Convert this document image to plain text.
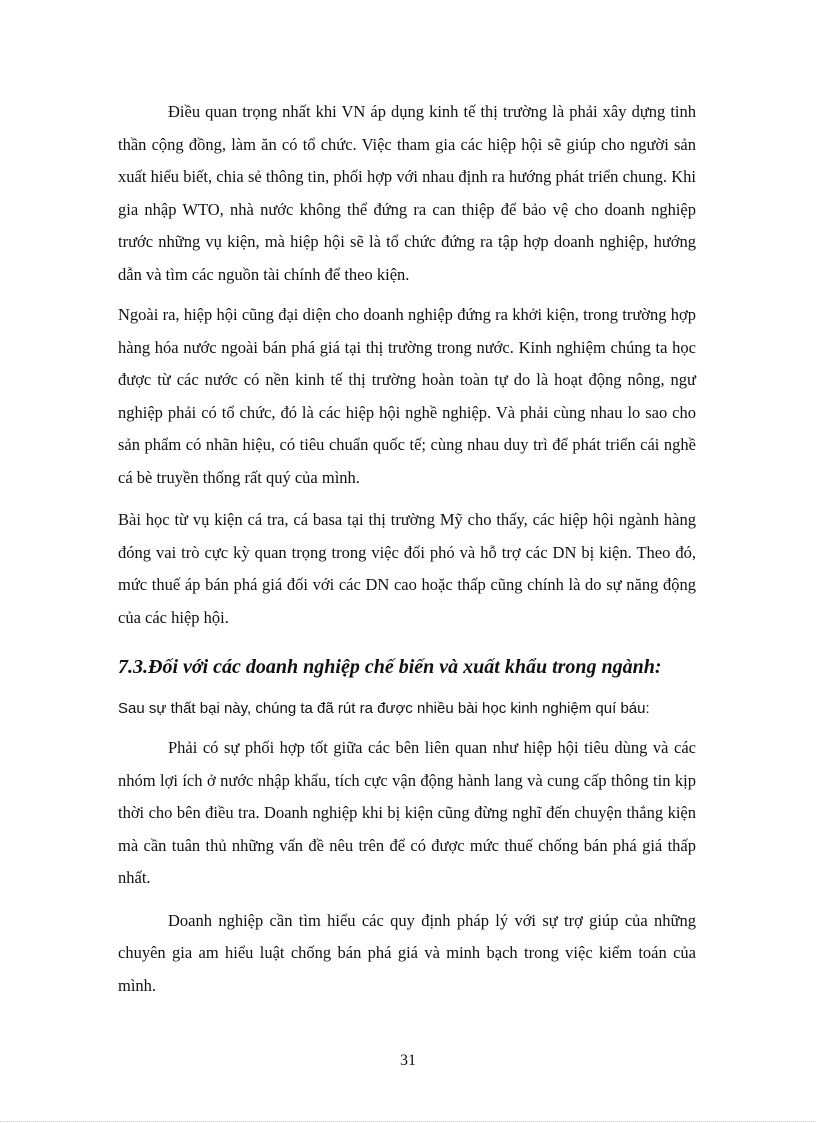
Điều quan trọng nhất khi VN áp dụng kinh tế thị trường là phải xây dựng tinh thần cộng đồng, làm ăn có tổ chức. Việc tham gia các hiệp hội sẽ giúp cho người sản xuất hiểu biết, chia sẻ thông tin, phối hợp với nhau định ra hướng phát triển chung. Khi gia nhập WTO, nhà nước không thể đứng ra can thiệp để bảo vệ cho doanh nghiệp trước những vụ kiện, mà hiệp hội sẽ là tổ chức đứng ra tập hợp doanh nghiệp, hướng dẫn và tìm các nguồn tài chính để theo kiện.

Ngoài ra, hiệp hội cũng đại diện cho doanh nghiệp đứng ra khởi kiện, trong trường hợp hàng hóa nước ngoài bán phá giá tại thị trường trong nước. Kinh nghiệm chúng ta học được từ các nước có nền kinh tế thị trường hoàn toàn tự do là hoạt động nông, ngư nghiệp phải có tổ chức, đó là các hiệp hội nghề nghiệp. Và phải cùng nhau lo sao cho sản phẩm có nhãn hiệu, có tiêu chuẩn quốc tế; cùng nhau duy trì để phát triển cái nghề cá bè truyền thống rất quý của mình.

Bài học từ vụ kiện cá tra, cá basa tại thị trường Mỹ cho thấy, các hiệp hội ngành hàng đóng vai trò cực kỳ quan trọng trong việc đối phó và hỗ trợ các DN bị kiện. Theo đó, mức thuế áp bán phá giá đối với các DN cao hoặc thấp cũng chính là do sự năng động của các hiệp hội.

7.3.Đối với các doanh nghiệp chế biến và xuất khẩu trong ngành:

Sau sự thất bại này, chúng ta đã rút ra được nhiều bài học kinh nghiệm quí báu:

Phải có sự phối hợp tốt giữa các bên liên quan như hiệp hội tiêu dùng và các nhóm lợi ích ở nước nhập khẩu, tích cực vận động hành lang và cung cấp thông tin kịp thời cho bên điều tra. Doanh nghiệp khi bị kiện cũng đừng nghĩ đến chuyện thắng kiện mà cần tuân thủ những vấn đề nêu trên để có được mức thuế chống bán phá giá thấp nhất.

Doanh nghiệp cần tìm hiểu các quy định pháp lý với sự trợ giúp của những chuyên gia am hiểu luật chống bán phá giá và minh bạch trong việc kiểm toán của mình.

31
